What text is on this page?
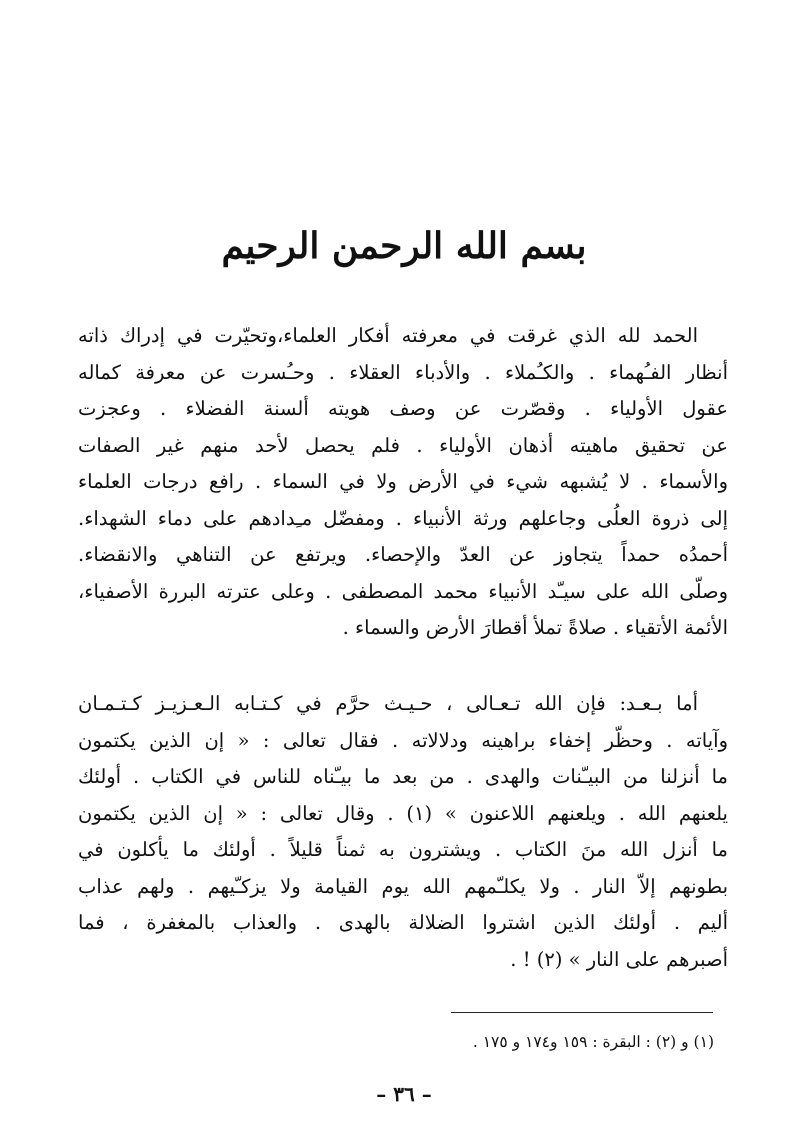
بسم الله الرحمن الرحيم
الحمد لله الذي غرقت في معرفته أفكار العلماء،وتحيّرت في إدراك ذاته
أنظار الفـُهماء . والكـُملاء . والأدباء العقلاء . وحـُسرت عن معرفة كماله
عقول الأولياء . وقصّرت عن وصف هويته ألسنة الفضلاء . وعجزت
عن تحقيق ماهيته أذهان الأولياء . فلم يحصل لأحد منهم غير الصفات
والأسماء . لا يُشبهه شيء في الأرض ولا في السماء . رافع درجات العلماء
إلى ذروة العلُى وجاعلهم ورثة الأنبياء . ومفضّل مـِدادهم على دماء الشهداء.
أحمدُه حمداً يتجاوز عن العدّ والإحصاء. ويرتفع عن التناهي والانقضاء.
وصلّى الله على سيـّد الأنبياء محمد المصطفى . وعلى عترته البررة الأصفياء،
الأئمة الأتقياء . صلاةً تملأ أقطارَ الأرض والسماء .
أما بـعـد: فإن الله تـعـالى ، حـيـث حرَّم في كـتـابه الـعـزيـز كـتـمـان
وآياته . وحظّر إخفاء براهينه ودلالاته . فقال تعالى : « إن الذين يكتمون
ما أنزلنا من البيـّنات والهدى . من بعد ما بيـّناه للناس في الكتاب . أولئك
يلعنهم الله . ويلعنهم اللاعنون » (١) . وقال تعالى : « إن الذين يكتمون
ما أنزل الله منَ الكتاب . ويشترون به ثمناً قليلاً . أولئك ما يأكلون في
بطونهم إلاّ النار . ولا يكلـّمهم الله يوم القيامة ولا يزكـّيهم . ولهم عذاب
أليم . أولئك الذين اشتروا الضلالة بالهدى . والعذاب بالمغفرة ، فما
أصبرهم على النار » (٢) ! .
(١) و (٢) : البقرة : ١٥٩ و١٧٤ و ١٧٥ .
– ٣٦ –
